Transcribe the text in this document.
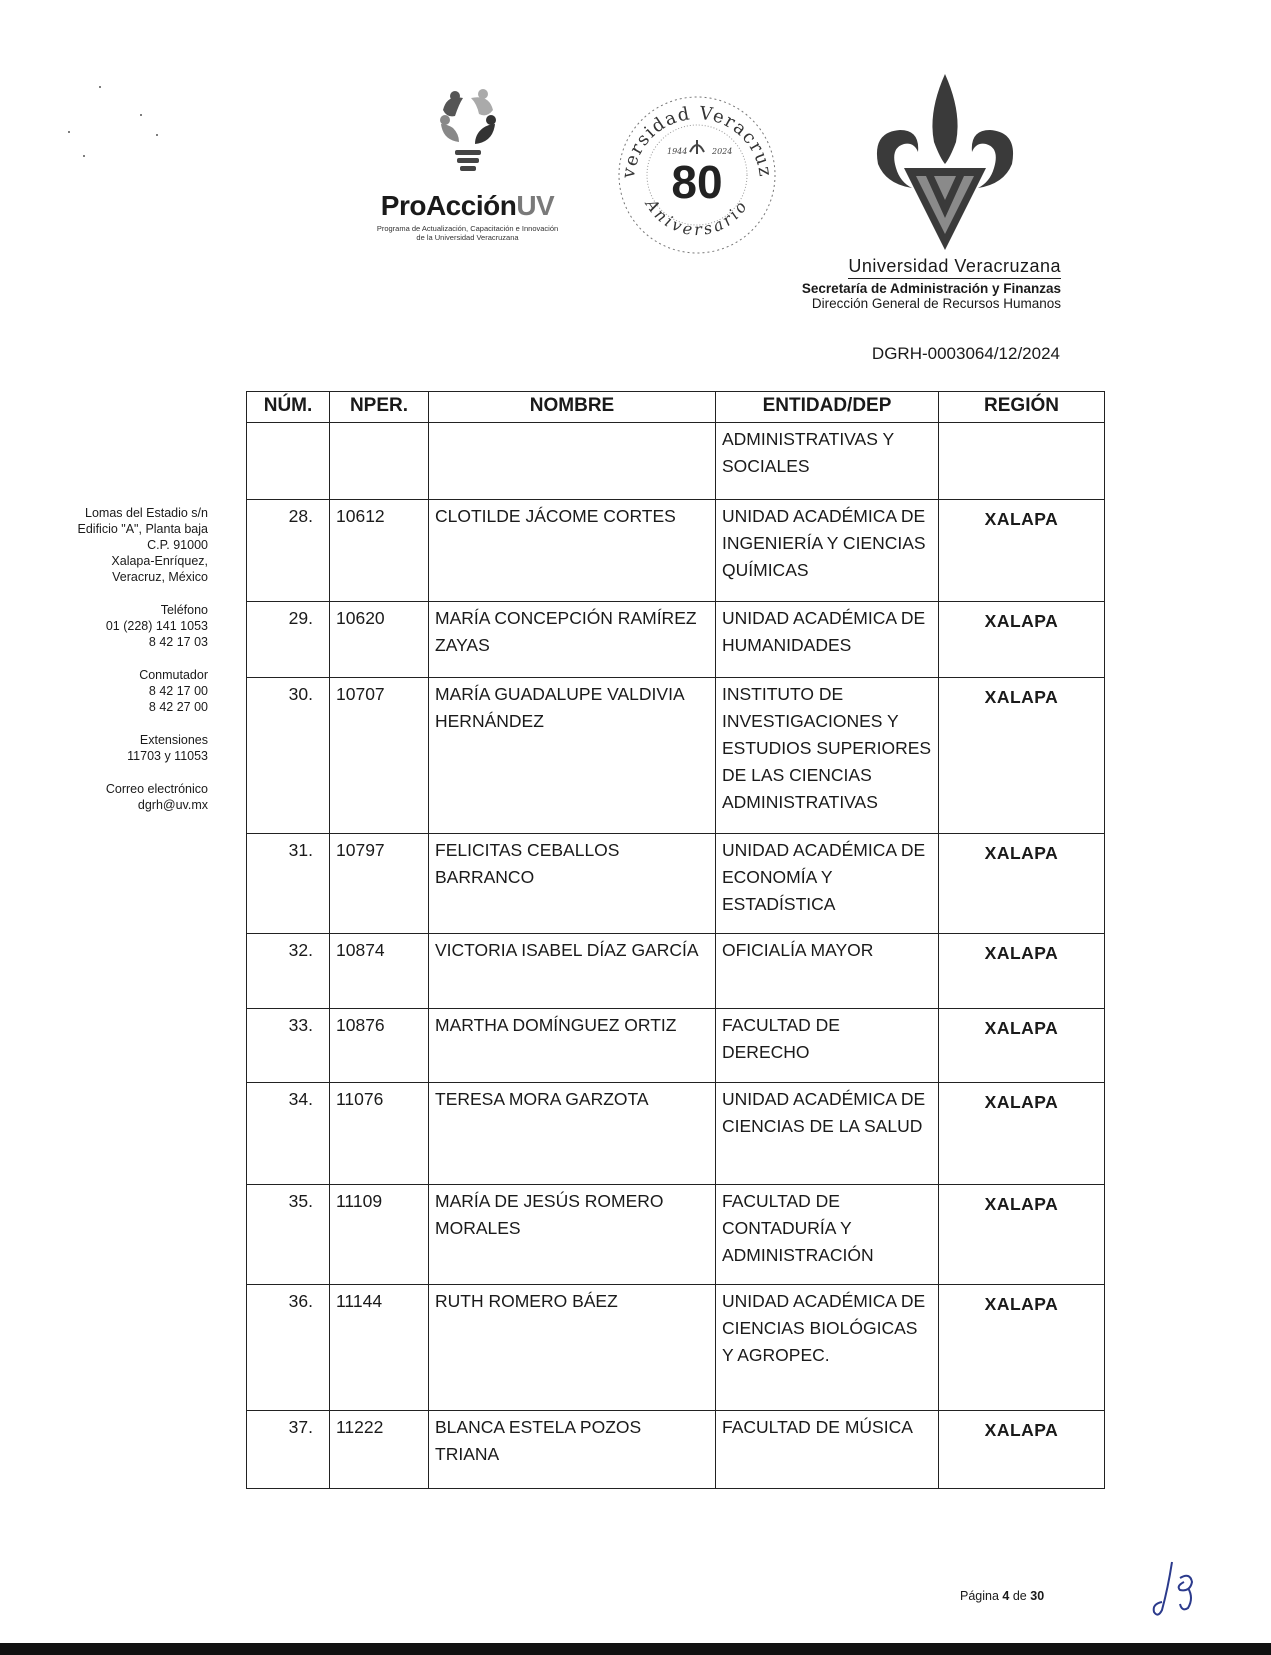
ProAcciónUV
Programa de Actualización, Capacitación e Innovación
de la Universidad Veracruzana
versidad Veracruz
Aniversario
1944	2024
80
Universidad Veracruzana
Secretaría de Administración y Finanzas
Dirección General de Recursos Humanos
DGRH-0003064/12/2024
Lomas del Estadio s/n
Edificio "A", Planta baja
C.P. 91000
Xalapa-Enríquez,
Veracruz, México
Teléfono
01 (228) 141 1053
8 42 17 03
Conmutador
8 42 17 00
8 42 27 00
Extensiones
11703 y 11053
Correo electrónico
dgrh@uv.mx
NÚM.	NPER.	NOMBRE	ENTIDAD/DEP	REGIÓN
			ADMINISTRATIVAS Y SOCIALES	
28.	10612	CLOTILDE JÁCOME CORTES	UNIDAD ACADÉMICA DE INGENIERÍA Y CIENCIAS QUÍMICAS	XALAPA
29.	10620	MARÍA CONCEPCIÓN RAMÍREZ ZAYAS	UNIDAD ACADÉMICA DE HUMANIDADES	XALAPA
30.	10707	MARÍA GUADALUPE VALDIVIA HERNÁNDEZ	INSTITUTO DE INVESTIGACIONES Y ESTUDIOS SUPERIORES DE LAS CIENCIAS ADMINISTRATIVAS	XALAPA
31.	10797	FELICITAS CEBALLOS BARRANCO	UNIDAD ACADÉMICA DE ECONOMÍA Y ESTADÍSTICA	XALAPA
32.	10874	VICTORIA ISABEL DÍAZ GARCÍA	OFICIALÍA MAYOR	XALAPA
33.	10876	MARTHA DOMÍNGUEZ ORTIZ	FACULTAD DE DERECHO	XALAPA
34.	11076	TERESA MORA GARZOTA	UNIDAD ACADÉMICA DE CIENCIAS DE LA SALUD	XALAPA
35.	11109	MARÍA DE JESÚS ROMERO MORALES	FACULTAD DE CONTADURÍA Y ADMINISTRACIÓN	XALAPA
36.	11144	RUTH ROMERO BÁEZ	UNIDAD ACADÉMICA DE CIENCIAS BIOLÓGICAS Y AGROPEC.	XALAPA
37.	11222	BLANCA ESTELA POZOS TRIANA	FACULTAD DE MÚSICA	XALAPA
Página 4 de 30
